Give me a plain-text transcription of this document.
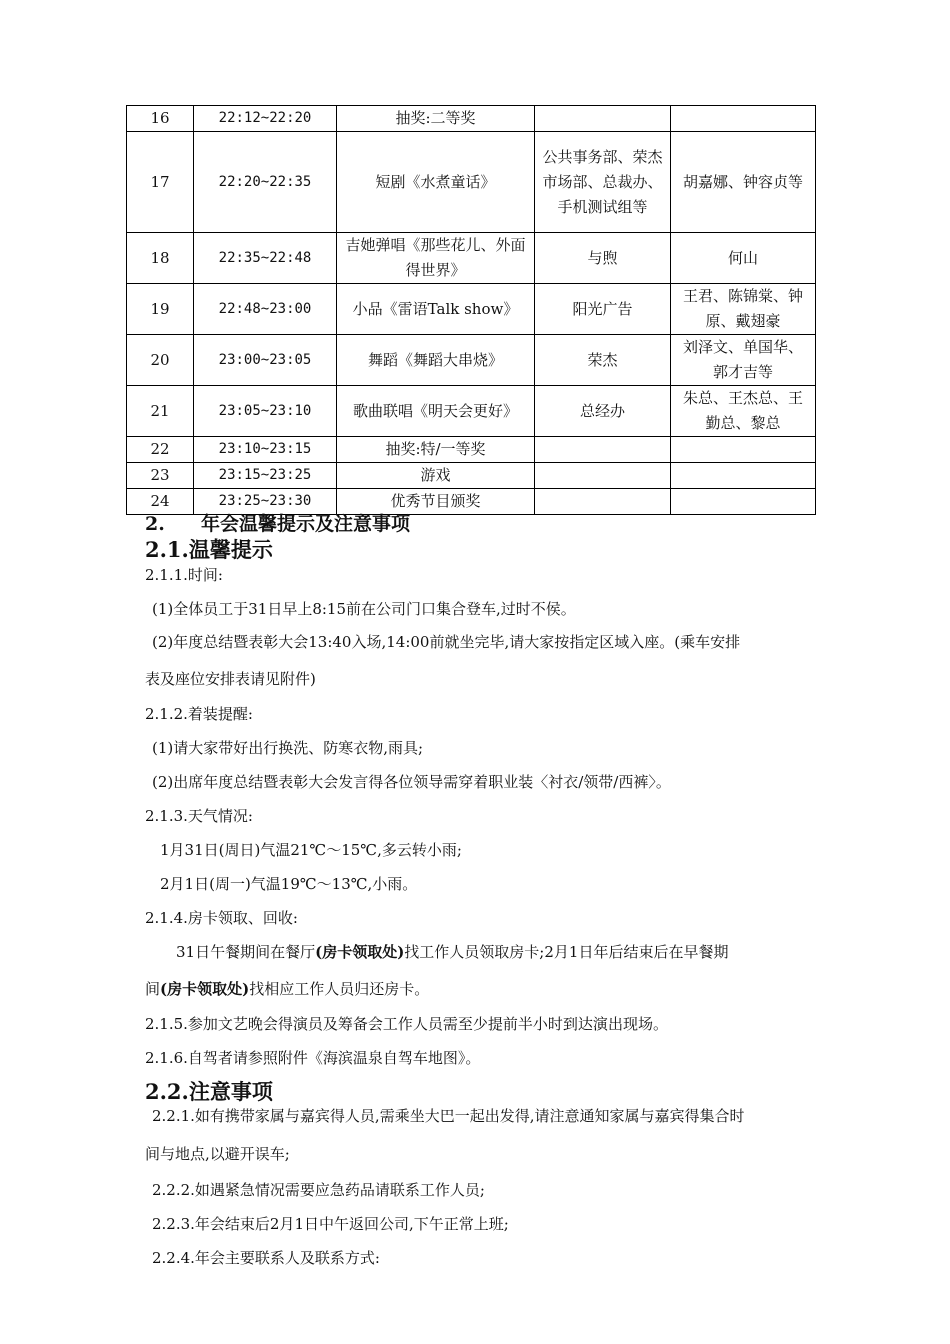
16	22:12~22:20	抽奖:二等奖		
17	22:20~22:35	短剧《水煮童话》	公共事务部、荣杰市场部、总裁办、手机测试组等	胡嘉娜、钟容贞等
18	22:35~22:48	吉她弹唱《那些花儿、外面得世界》	与煦	何山
19	22:48~23:00	小品《雷语Talk show》	阳光广告	王君、陈锦棠、钟原、戴翅豪
20	23:00~23:05	舞蹈《舞蹈大串烧》	荣杰	刘泽文、单国华、郭才吉等
21	23:05~23:10	歌曲联唱《明天会更好》	总经办	朱总、王杰总、王勤总、黎总
22	23:10~23:15	抽奖:特/一等奖		
23	23:15~23:25	游戏		
24	23:25~23:30	优秀节目颁奖		
2. 年会温馨提示及注意事项
2.1.温馨提示
2.1.1.时间:
(1)全体员工于31日早上8:15前在公司门口集合登车,过时不侯。
(2)年度总结暨表彰大会13:40入场,14:00前就坐完毕,请大家按指定区域入座。(乘车安排
表及座位安排表请见附件)
2.1.2.着装提醒:
(1)请大家带好出行换洗、防寒衣物,雨具;
(2)出席年度总结暨表彰大会发言得各位领导需穿着职业装〈衬衣/领带/西裤〉。
2.1.3.天气情况:
1月31日(周日)气温21℃～15℃,多云转小雨;
2月1日(周一)气温19℃～13℃,小雨。
2.1.4.房卡领取、回收:
31日午餐期间在餐厅(房卡领取处)找工作人员领取房卡;2月1日年后结束后在早餐期
间(房卡领取处)找相应工作人员归还房卡。
2.1.5.参加文艺晚会得演员及筹备会工作人员需至少提前半小时到达演出现场。
2.1.6.自驾者请参照附件《海滨温泉自驾车地图》。
2.2.注意事项
2.2.1.如有携带家属与嘉宾得人员,需乘坐大巴一起出发得,请注意通知家属与嘉宾得集合时
间与地点,以避开误车;
2.2.2.如遇紧急情况需要应急药品请联系工作人员;
2.2.3.年会结束后2月1日中午返回公司,下午正常上班;
2.2.4.年会主要联系人及联系方式:
